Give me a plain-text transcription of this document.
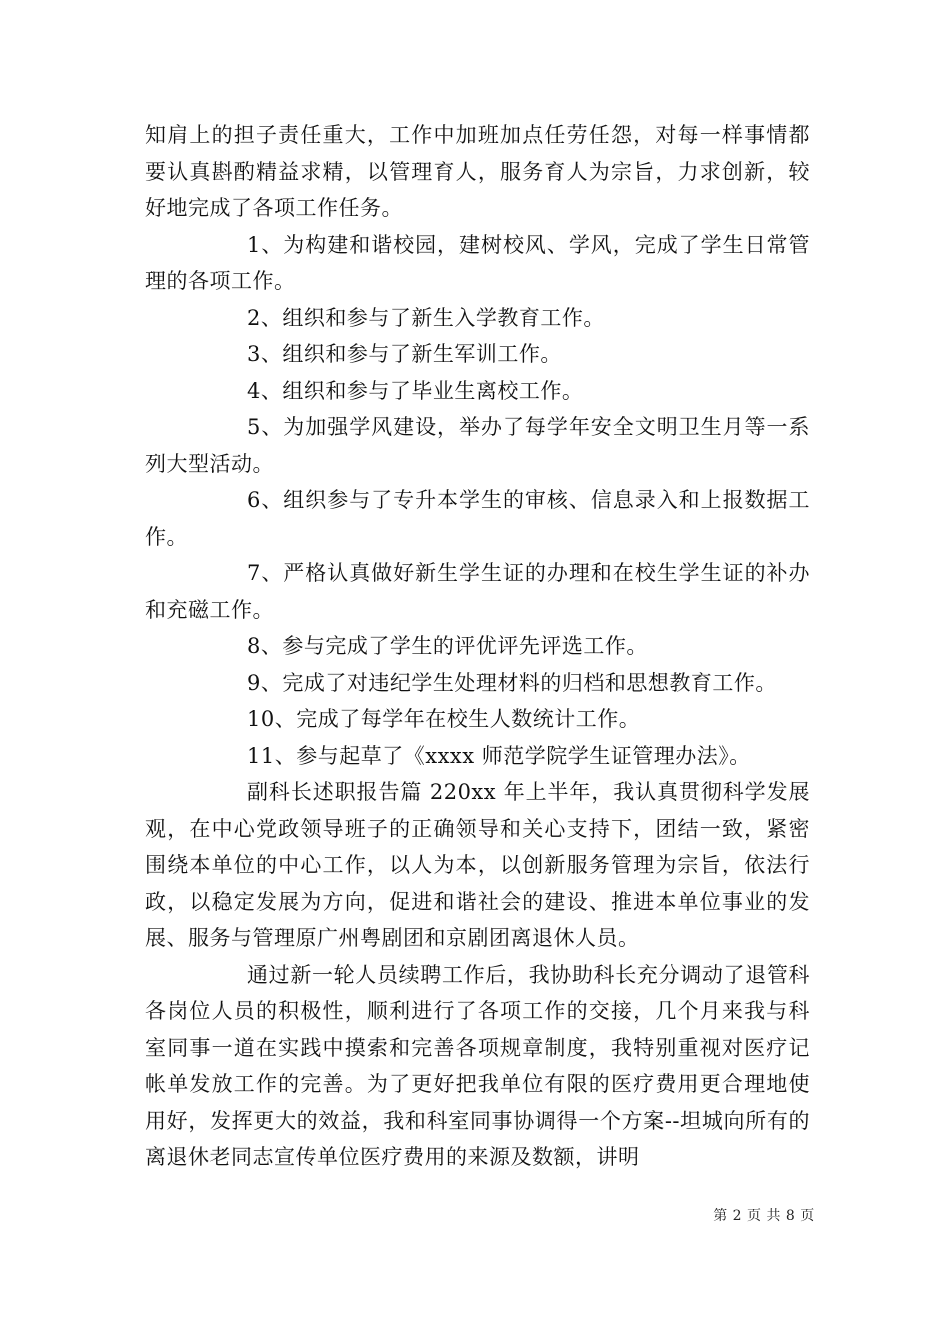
知肩上的担子责任重大，工作中加班加点任劳任怨，对每一样事情都要认真斟酌精益求精，以管理育人，服务育人为宗旨，力求创新，较好地完成了各项工作任务。

1、为构建和谐校园，建树校风、学风，完成了学生日常管理的各项工作。

2、组织和参与了新生入学教育工作。

3、组织和参与了新生军训工作。

4、组织和参与了毕业生离校工作。

5、为加强学风建设，举办了每学年安全文明卫生月等一系列大型活动。

6、组织参与了专升本学生的审核、信息录入和上报数据工作。

7、严格认真做好新生学生证的办理和在校生学生证的补办和充磁工作。

8、参与完成了学生的评优评先评选工作。

9、完成了对违纪学生处理材料的归档和思想教育工作。

10、完成了每学年在校生人数统计工作。

11、参与起草了《xxxx 师范学院学生证管理办法》。

副科长述职报告篇 220xx 年上半年，我认真贯彻科学发展观，在中心党政领导班子的正确领导和关心支持下，团结一致，紧密围绕本单位的中心工作，以人为本，以创新服务管理为宗旨，依法行政，以稳定发展为方向，促进和谐社会的建设、推进本单位事业的发展、服务与管理原广州粤剧团和京剧团离退休人员。

通过新一轮人员续聘工作后，我协助科长充分调动了退管科各岗位人员的积极性，顺利进行了各项工作的交接，几个月来我与科室同事一道在实践中摸索和完善各项规章制度，我特别重视对医疗记帐单发放工作的完善。为了更好把我单位有限的医疗费用更合理地使用好，发挥更大的效益，我和科室同事协调得一个方案--坦城向所有的离退休老同志宣传单位医疗费用的来源及数额，讲明

第 2 页 共 8 页
